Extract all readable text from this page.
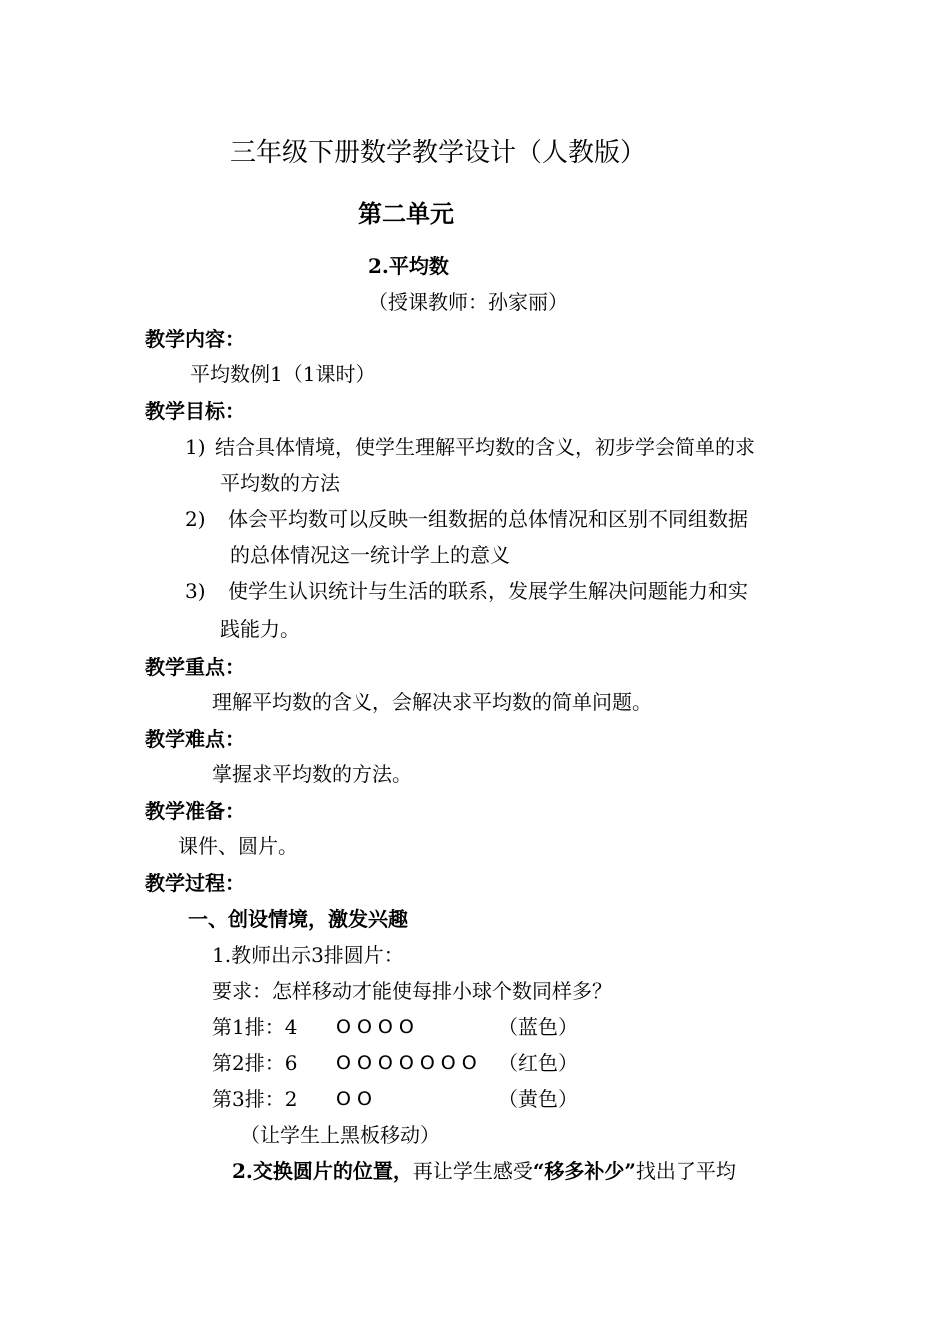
三年级下册数学教学设计（人教版）
第二单元
2.平均数
（授课教师：孙家丽）
教学内容：
平均数例1（1课时）
教学目标：
1) 结合具体情境，使学生理解平均数的含义，初步学会简单的求
平均数的方法
2) 体会平均数可以反映一组数据的总体情况和区别不同组数据
的总体情况这一统计学上的意义
3) 使学生认识统计与生活的联系，发展学生解决问题能力和实
践能力。
教学重点：
理解平均数的含义，会解决求平均数的简单问题。
教学难点：
掌握求平均数的方法。
教学准备：
课件、圆片。
教学过程：
一、创设情境，激发兴趣
1.教师出示3排圆片：
要求：怎样移动才能使每排小球个数同样多？
第1排：4 OOOO	（蓝色）
第2排：6 OOOOOOO （红色）
第3排：2 OO	（黄色）
（让学生上黑板移动）
2.交换圆片的位置，再让学生感受“移多补少”找出了平均
